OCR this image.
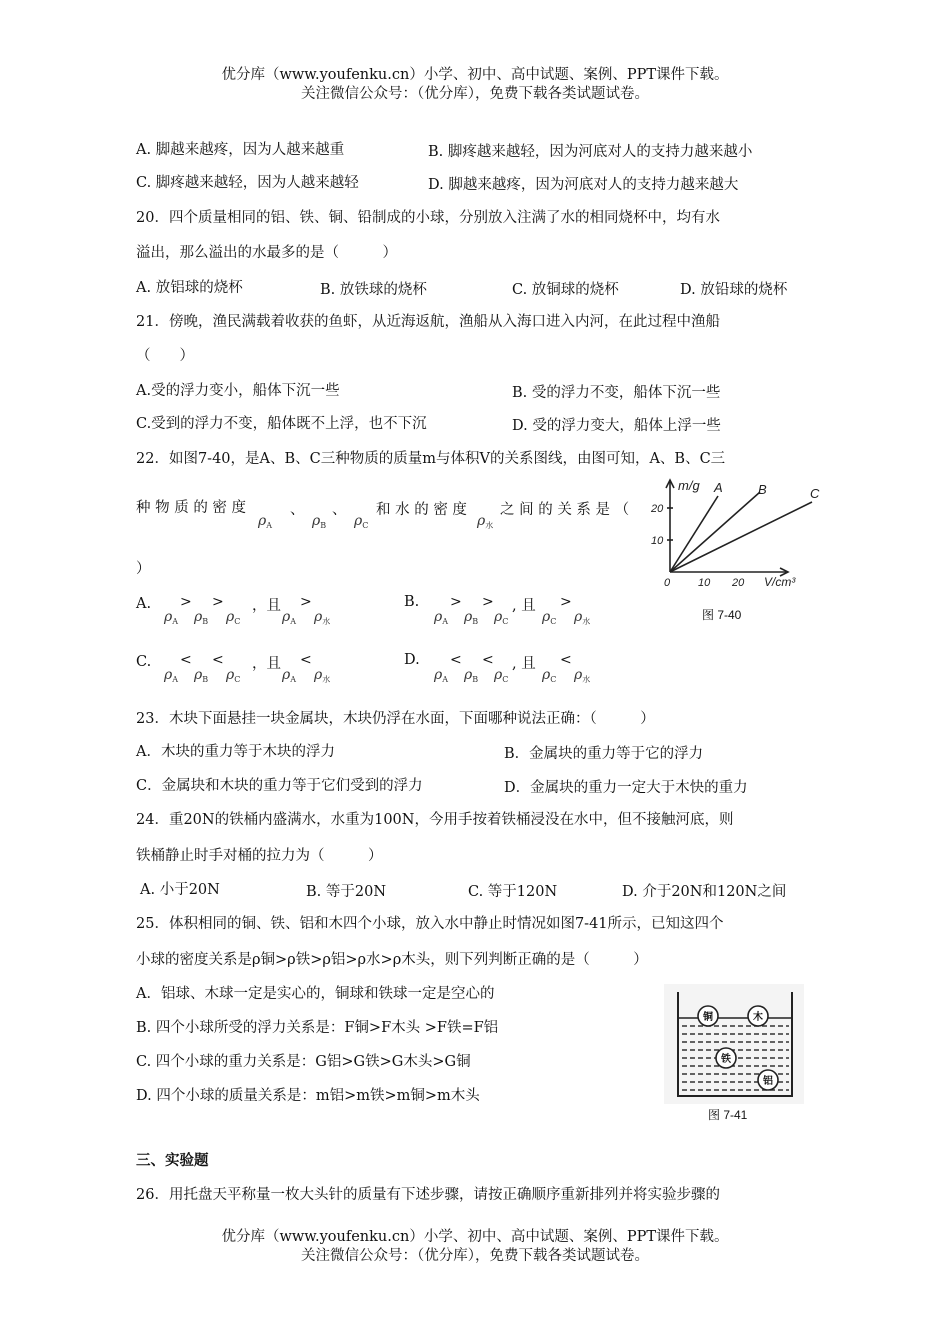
优分库（www.youfenku.cn）小学、初中、高中试题、案例、PPT课件下载。
关注微信公众号：（优分库），免费下载各类试题试卷。
A. 脚越来越疼，因为人越来越重	B. 脚疼越来越轻，因为河底对人的支持力越来越小
C. 脚疼越来越轻，因为人越来越轻	D. 脚越来越疼，因为河底对人的支持力越来越大
20．四个质量相同的铝、铁、铜、铅制成的小球，分别放入注满了水的相同烧杯中，均有水
溢出，那么溢出的水最多的是（　　　）
A. 放铝球的烧杯	B. 放铁球的烧杯	C. 放铜球的烧杯	D. 放铅球的烧杯
21．傍晚，渔民满载着收获的鱼虾，从近海返航，渔船从入海口进入内河，在此过程中渔船
（　　）
A.受的浮力变小，船体下沉一些	B. 受的浮力不变，船体下沉一些
C.受到的浮力不变，船体既不上浮，也不下沉	D. 受的浮力变大，船体上浮一些
22．如图7-40，是A、B、C三种物质的质量m与体积V的关系图线，由图可知，A、B、C三
种 物 质 的 密 度	、 、 和 水 的 密 度 之 间 的 关 系 是 （
$\rho_A$	$\rho_B$ $\rho_C$	$\rho_水$
）
A. > > ，且 >
$\rho_A$ $\rho_B$ $\rho_C$	$\rho_A$ $\rho_水$
B. > > , 且 >
$\rho_A$ $\rho_B$ $\rho_C$ $\rho_C$ $\rho_水$
C. < < ，且 <
$\rho_A$ $\rho_B$ $\rho_C$	$\rho_A$ $\rho_水$
D. < < , 且 <
$\rho_A$ $\rho_B$ $\rho_C$ $\rho_C$ $\rho_水$
m/g
V/cm³
20
10
0	10 20
A	B	C
图 7-40
23．木块下面悬挂一块金属块，木块仍浮在水面，下面哪种说法正确：（　　　）
A．木块的重力等于木块的浮力	B．金属块的重力等于它的浮力
C．金属块和木块的重力等于它们受到的浮力	D．金属块的重力一定大于木快的重力
24．重20N的铁桶内盛满水，水重为100N，今用手按着铁桶浸没在水中，但不接触河底，则
铁桶静止时手对桶的拉力为（　　　）
A. 小于20N	B. 等于20N	C. 等于120N	D. 介于20N和120N之间
25．体积相同的铜、铁、铝和木四个小球，放入水中静止时情况如图7-41所示，已知这四个
小球的密度关系是ρ铜>ρ铁>ρ铝>ρ水>ρ木头，则下列判断正确的是（　　　）
A．铝球、木球一定是实心的，铜球和铁球一定是空心的
B. 四个小球所受的浮力关系是：F铜>F木头 >F铁=F铝
C. 四个小球的重力关系是：G铝>G铁>G木头>G铜
D. 四个小球的质量关系是：m铝>m铁>m铜>m木头
铜	木
铁
铝
图 7-41
三、实验题
26．用托盘天平称量一枚大头针的质量有下述步骤，请按正确顺序重新排列并将实验步骤的
优分库（www.youfenku.cn）小学、初中、高中试题、案例、PPT课件下载。
关注微信公众号：（优分库），免费下载各类试题试卷。
